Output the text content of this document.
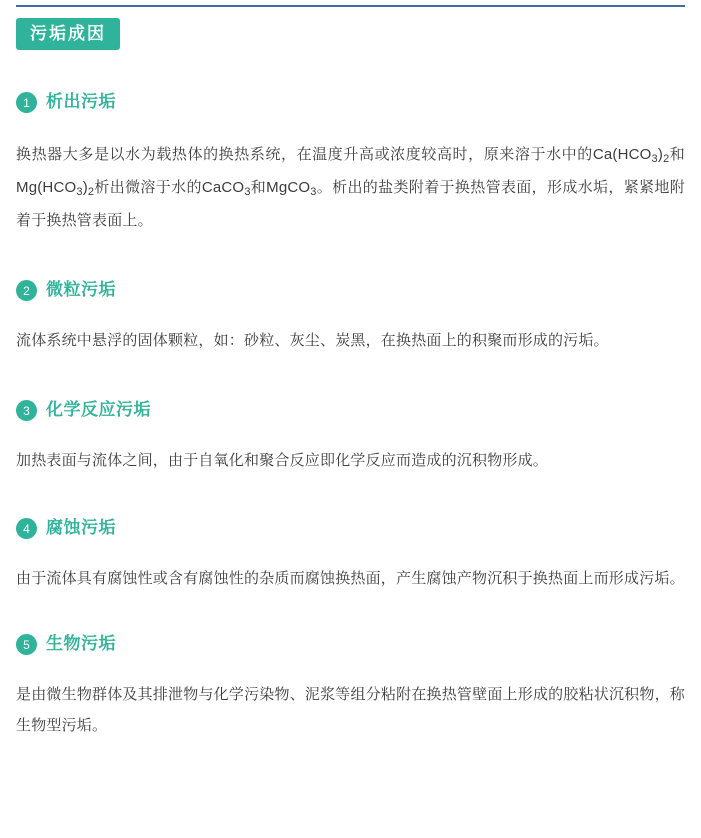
污垢成因
1 析出污垢
换热器大多是以水为载热体的换热系统，在温度升高或浓度较高时，原来溶于水中的$Ca(HCO_3)_2$和$Mg(HCO_3)_2$析出微溶于水的CaCO$_3$和MgCO$_3$。析出的盐类附着于换热管表面，形成水垢，紧紧地附着于换热管表面上。
2 微粒污垢
流体系统中悬浮的固体颗粒，如：砂粒、灰尘、炭黑，在换热面上的积聚而形成的污垢。
3 化学反应污垢
加热表面与流体之间，由于自氧化和聚合反应即化学反应而造成的沉积物形成。
4 腐蚀污垢
由于流体具有腐蚀性或含有腐蚀性的杂质而腐蚀换热面，产生腐蚀产物沉积于换热面上而形成污垢。
5 生物污垢
是由微生物群体及其排泄物与化学污染物、泥浆等组分粘附在换热管壁面上形成的胶粘状沉积物，称生物型污垢。
